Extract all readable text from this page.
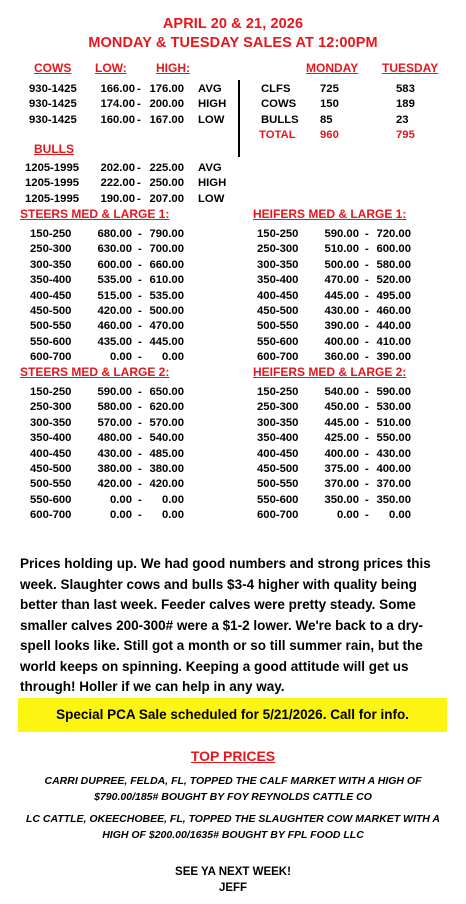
APRIL 20 & 21, 2026
MONDAY & TUESDAY SALES AT 12:00PM
COWS LOW: HIGH:	MONDAY TUESDAY
930-1425	166.00 - 176.00 AVG
930-1425	174.00 - 200.00 HIGH
930-1425	160.00 - 167.00 LOW
CLFS	725	583
COWS 150	189
BULLS 85	23
TOTAL 960	795
BULLS
1205-1995	202.00 - 225.00 AVG
1205-1995	222.00 - 250.00 HIGH
1205-1995	190.00 - 207.00 LOW
STEERS MED & LARGE 1:	HEIFERS MED & LARGE 1:
150-250	680.00 - 790.00
250-300	630.00 - 700.00
300-350	600.00 - 660.00
350-400	535.00 - 610.00
400-450	515.00 - 535.00
450-500	420.00 - 500.00
500-550	460.00 - 470.00
550-600	435.00 - 445.00
600-700	0.00 -	0.00
150-250	590.00 - 720.00
250-300	510.00 - 600.00
300-350	500.00 - 580.00
350-400	470.00 - 520.00
400-450	445.00 - 495.00
450-500	430.00 - 460.00
500-550	390.00 - 440.00
550-600	400.00 - 410.00
600-700	360.00 - 390.00
STEERS MED & LARGE 2:	HEIFERS MED & LARGE 2:
150-250	590.00 - 650.00
250-300	580.00 - 620.00
300-350	570.00 - 570.00
350-400	480.00 - 540.00
400-450	430.00 - 485.00
450-500	380.00 - 380.00
500-550	420.00 - 420.00
550-600	0.00 -	0.00
600-700	0.00 -	0.00
150-250	540.00 - 590.00
250-300	450.00 - 530.00
300-350	445.00 - 510.00
350-400	425.00 - 550.00
400-450	400.00 - 430.00
450-500	375.00 - 400.00
500-550	370.00 - 370.00
550-600	350.00 - 350.00
600-700	0.00 -	0.00
Prices holding up. We had good numbers and strong prices this week. Slaughter cows and bulls $3-4 higher with quality being better than last week. Feeder calves were pretty steady. Some smaller calves 200-300# were a $1-2 lower. We're back to a dry-spell looks like. Still got a month or so till summer rain, but the world keeps on spinning. Keeping a good attitude will get us through! Holler if we can help in any way.
Special PCA Sale scheduled for 5/21/2026. Call for info.
TOP PRICES
CARRI DUPREE, FELDA, FL, TOPPED THE CALF MARKET WITH A HIGH OF $790.00/185# BOUGHT BY FOY REYNOLDS CATTLE CO
LC CATTLE, OKEECHOBEE, FL, TOPPED THE SLAUGHTER COW MARKET WITH A HIGH OF $200.00/1635# BOUGHT BY FPL FOOD LLC
SEE YA NEXT WEEK!
JEFF
